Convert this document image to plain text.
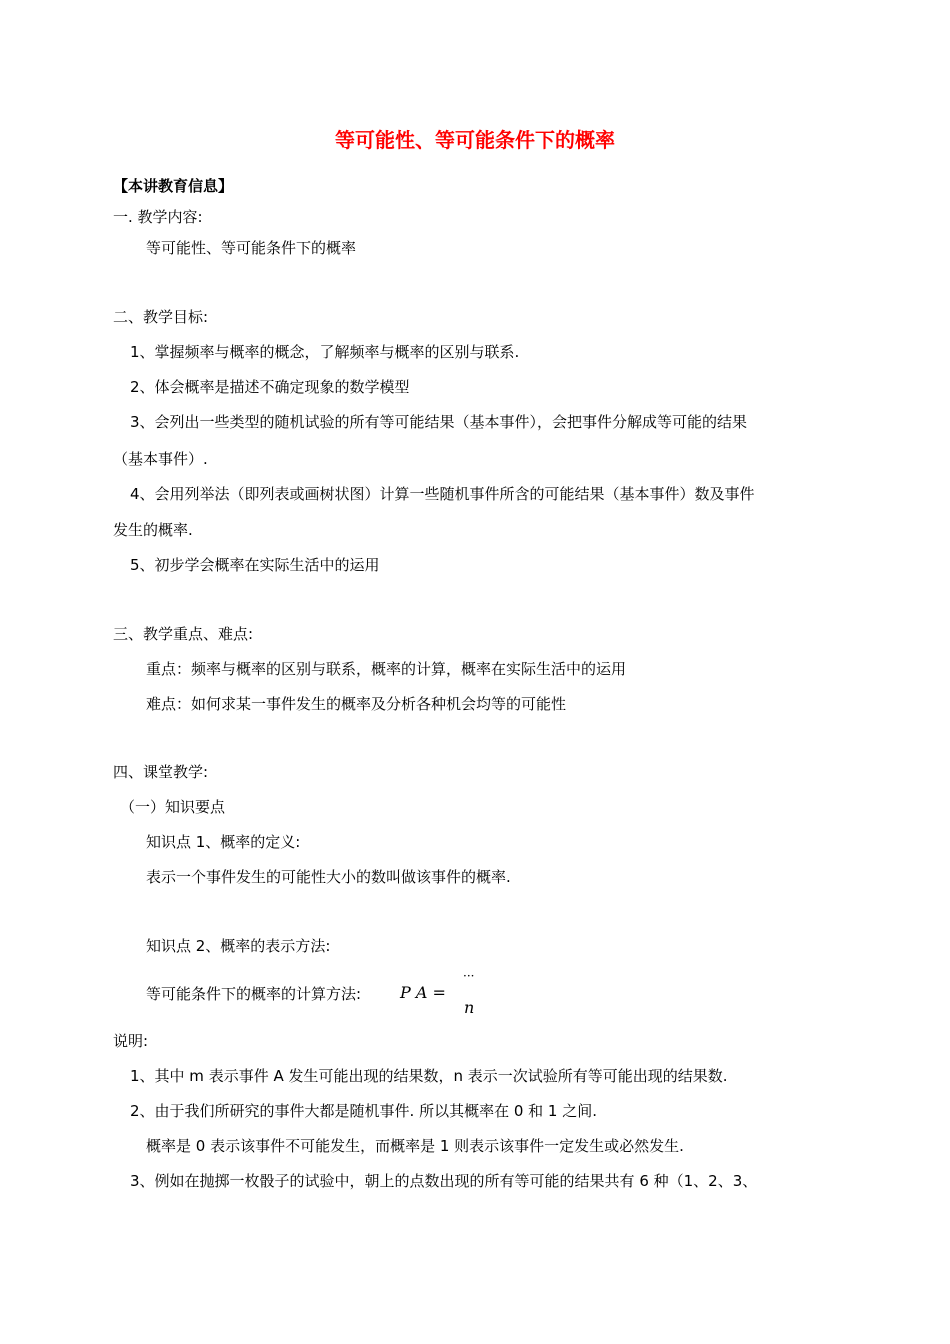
等可能性、等可能条件下的概率
【本讲教育信息】
一. 教学内容:
等可能性、等可能条件下的概率
二、教学目标:
1、掌握频率与概率的概念，了解频率与概率的区别与联系.
2、体会概率是描述不确定现象的数学模型
3、会列出一些类型的随机试验的所有等可能结果（基本事件），会把事件分解成等可能的结果
（基本事件）.
4、会用列举法（即列表或画树状图）计算一些随机事件所含的可能结果（基本事件）数及事件
发生的概率.
5、初步学会概率在实际生活中的运用
三、教学重点、难点:
重点：频率与概率的区别与联系，概率的计算，概率在实际生活中的运用
难点：如何求某一事件发生的概率及分析各种机会均等的可能性
四、课堂教学:
（一）知识要点
知识点 1、概率的定义:
表示一个事件发生的可能性大小的数叫做该事件的概率.
知识点 2、概率的表示方法:
等可能条件下的概率的计算方法: P A =
···
n
说明:
1、其中 m 表示事件 A 发生可能出现的结果数，n 表示一次试验所有等可能出现的结果数.
2、由于我们所研究的事件大都是随机事件. 所以其概率在 0 和 1 之间.
概率是 0 表示该事件不可能发生，而概率是 1 则表示该事件一定发生或必然发生.
3、例如在抛掷一枚骰子的试验中，朝上的点数出现的所有等可能的结果共有 6 种（1、2、3、
